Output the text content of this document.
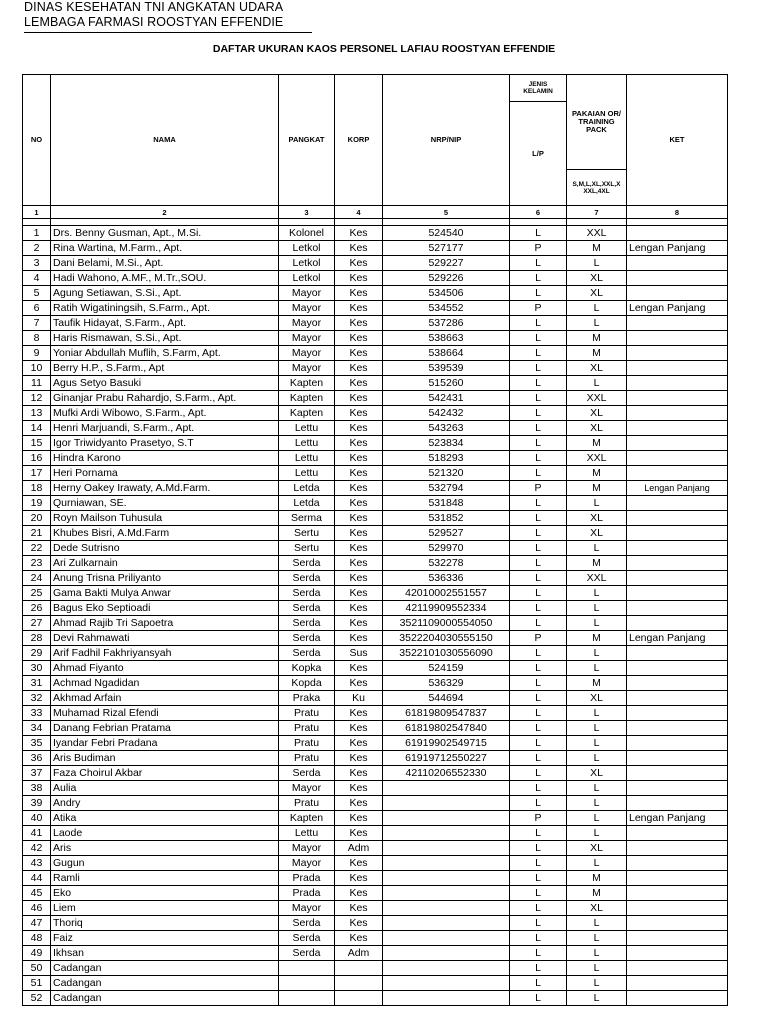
DINAS KESEHATAN TNI ANGKATAN UDARA
LEMBAGA FARMASI ROOSTYAN EFFENDIE
DAFTAR UKURAN KAOS PERSONEL LAFIAU ROOSTYAN EFFENDIE
NO	NAMA	PANGKAT	KORP	NRP/NIP	JENIS KELAMIN	PAKAIAN OR/ TRAINING PACK	KET
					L/P		
						S,M,L,XL,XXL,X XXL,4XL	
1	2	3	4	5	6	7	8

1	Drs. Benny Gusman, Apt., M.Si.	Kolonel	Kes	524540	L	XXL	
2	Rina Wartina, M.Farm., Apt.	Letkol	Kes	527177	P	M	Lengan Panjang
3	Dani Belami, M.Si., Apt.	Letkol	Kes	529227	L	L	
4	Hadi Wahono, A.MF., M.Tr.,SOU.	Letkol	Kes	529226	L	XL	
5	Agung Setiawan, S.Si., Apt.	Mayor	Kes	534506	L	XL	
6	Ratih Wigatiningsih, S.Farm., Apt.	Mayor	Kes	534552	P	L	Lengan Panjang
7	Taufik Hidayat, S.Farm., Apt.	Mayor	Kes	537286	L	L	
8	Haris Rismawan, S.Si., Apt.	Mayor	Kes	538663	L	M	
9	Yoniar Abdullah Muflih, S.Farm, Apt.	Mayor	Kes	538664	L	M	
10	Berry H.P., S.Farm., Apt	Mayor	Kes	539539	L	XL	
11	Agus Setyo Basuki	Kapten	Kes	515260	L	L	
12	Ginanjar Prabu Rahardjo, S.Farm., Apt.	Kapten	Kes	542431	L	XXL	
13	Mufki Ardi Wibowo, S.Farm., Apt.	Kapten	Kes	542432	L	XL	
14	Henri Marjuandi, S.Farm., Apt.	Lettu	Kes	543263	L	XL	
15	Igor Triwidyanto Prasetyo, S.T	Lettu	Kes	523834	L	M	
16	Hindra Karono	Lettu	Kes	518293	L	XXL	
17	Heri Pornama	Lettu	Kes	521320	L	M	
18	Herny Oakey Irawaty, A.Md.Farm.	Letda	Kes	532794	P	M	Lengan Panjang
19	Qurniawan, SE.	Letda	Kes	531848	L	L	
20	Royn Mailson Tuhusula	Serma	Kes	531852	L	XL	
21	Khubes Bisri, A.Md.Farm	Sertu	Kes	529527	L	XL	
22	Dede Sutrisno	Sertu	Kes	529970	L	L	
23	Ari Zulkarnain	Serda	Kes	532278	L	M	
24	Anung Trisna Priliyanto	Serda	Kes	536336	L	XXL	
25	Gama Bakti Mulya Anwar	Serda	Kes	42010002551557	L	L	
26	Bagus Eko Septioadi	Serda	Kes	42119909552334	L	L	
27	Ahmad Rajib Tri Sapoetra	Serda	Kes	3521109000554050	L	L	
28	Devi Rahmawati	Serda	Kes	3522204030555150	P	M	Lengan Panjang
29	Arif Fadhil Fakhriyansyah	Serda	Sus	3522101030556090	L	L	
30	Ahmad Fiyanto	Kopka	Kes	524159	L	L	
31	Achmad Ngadidan	Kopda	Kes	536329	L	M	
32	Akhmad Arfain	Praka	Ku	544694	L	XL	
33	Muhamad Rizal Efendi	Pratu	Kes	61819809547837	L	L	
34	Danang Febrian Pratama	Pratu	Kes	61819802547840	L	L	
35	Iyandar Febri Pradana	Pratu	Kes	61919902549715	L	L	
36	Aris Budiman	Pratu	Kes	61919712550227	L	L	
37	Faza Choirul Akbar	Serda	Kes	42110206552330	L	XL	
38	Aulia	Mayor	Kes		L	L	
39	Andry	Pratu	Kes		L	L	
40	Atika	Kapten	Kes		P	L	Lengan Panjang
41	Laode	Lettu	Kes		L	L	
42	Aris	Mayor	Adm		L	XL	
43	Gugun	Mayor	Kes		L	L	
44	Ramli	Prada	Kes		L	M	
45	Eko	Prada	Kes		L	M	
46	Liem	Mayor	Kes		L	XL	
47	Thoriq	Serda	Kes		L	L	
48	Faiz	Serda	Kes		L	L	
49	Ikhsan	Serda	Adm		L	L	
50	Cadangan				L	L	
51	Cadangan				L	L	
52	Cadangan				L	L	
